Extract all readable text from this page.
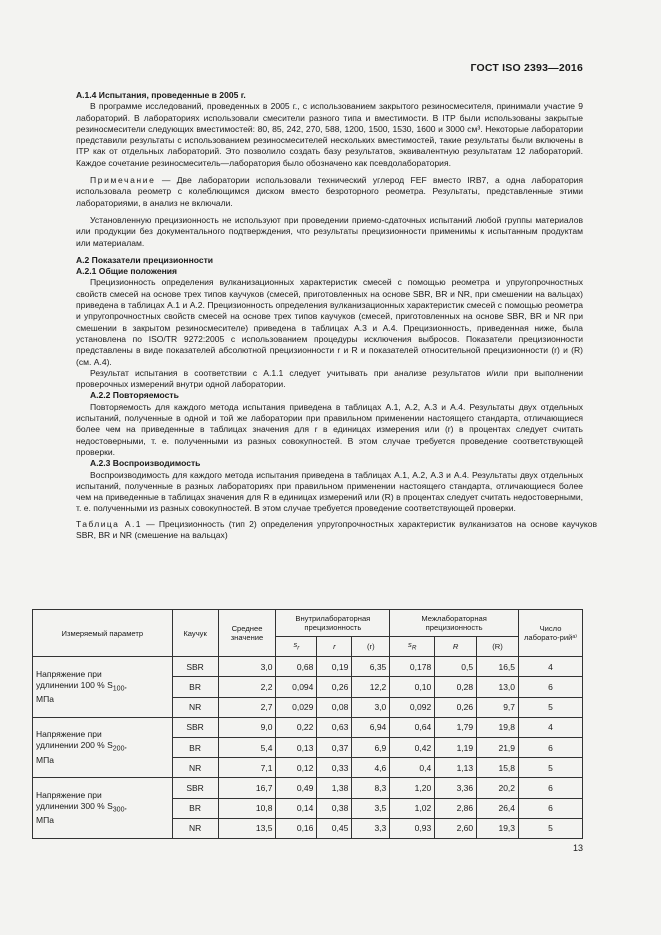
ГОСТ ISO 2393—2016

А.1.4 Испытания, проведенные в 2005 г.

В программе исследований, проведенных в 2005 г., с использованием закрытого резиносмесителя, принимали участие 9 лабораторий. В лабораториях использовали смесители разного типа и вместимости. В ITP были использованы закрытые резиносмесители следующих вместимостей: 80, 85, 242, 270, 588, 1200, 1500, 1530, 1600 и 3000 см³. Некоторые лаборатории представили результаты с использованием резиносмесителей нескольких вместимостей, такие результаты были включены в ITP как от отдельных лабораторий. Это позволило создать базу результатов, эквивалентную результатам 12 лабораторий. Каждое сочетание резиносмеситель—лаборатория было обозначено как псевдолаборатория.

Примечание — Две лаборатории использовали технический углерод FEF вместо IRB7, а одна лаборатория использовала реометр с колеблющимся диском вместо безроторного реометра. Результаты, представленные этими лабораториями, в анализ не включали.

Установленную прецизионность не используют при проведении приемо-сдаточных испытаний любой группы материалов или продукции без документального подтверждения, что результаты прецизионности применимы к испытанным продуктам или материалам.

А.2 Показатели прецизионности

А.2.1 Общие положения

Прецизионность определения вулканизационных характеристик смесей с помощью реометра и упругопрочностных свойств смесей на основе трех типов каучуков (смесей, приготовленных на основе SBR, BR и NR, при смешении на вальцах) приведена в таблицах А.1 и А.2. Прецизионность определения вулканизационных характеристик смесей с помощью реометра и упругопрочностных свойств смесей на основе трех типов каучуков (смесей, приготовленных на основе SBR, BR и NR при смешении в закрытом резиносмесителе) приведена в таблицах А.3 и А.4. Прецизионность, приведенная ниже, была установлена по ISO/TR 9272:2005 с использованием процедуры исключения выбросов. Показатели прецизионности представлены в виде показателей абсолютной прецизионности r и R и показателей относительной прецизионности (r) и (R) (см. А.4).

Результат испытания в соответствии с А.1.1 следует учитывать при анализе результатов и/или при выполнении проверочных измерений внутри одной лаборатории.

А.2.2 Повторяемость

Повторяемость для каждого метода испытания приведена в таблицах А.1, А.2, А.3 и А.4. Результаты двух отдельных испытаний, полученные в одной и той же лаборатории при правильном применении настоящего стандарта, отличающиеся более чем на приведенные в таблицах значения для r в единицах измерения или (r) в процентах следует считать недостоверными, т. е. полученными из разных совокупностей. В этом случае требуется проведение соответствующей проверки.

А.2.3 Воспроизводимость

Воспроизводимость для каждого метода испытания приведена в таблицах А.1, А.2, А.3 и А.4. Результаты двух отдельных испытаний, полученные в разных лабораториях при правильном применении настоящего стандарта, отличающиеся более чем на приведенные в таблицах значения для R в единицах измерений или (R) в процентах следует считать недостоверными, т. е. полученными из разных совокупностей. В этом случае требуется проведение соответствующей проверки.

Таблица А.1 — Прецизионность (тип 2) определения упругопрочностных характеристик вулканизатов на основе каучуков SBR, BR и NR (смешение на вальцах)

Измеряемый параметр	Каучук	Среднее значение	Внутрилабораторная прецизионность			Межлабораторная прецизионность			Число лаборато-рийᵃ⁾
			$s_r$	r	(r)	$s_R$	R	(R)	
Напряжение при
удлинении 100 % $S_{100}$,
МПа	SBR	3,0	0,68	0,19	6,35	0,178	0,5	16,5	4
	BR	2,2	0,094	0,26	12,2	0,10	0,28	13,0	6
	NR	2,7	0,029	0,08	3,0	0,092	0,26	9,7	5
Напряжение при
удлинении 200 % $S_{200}$,
МПа	SBR	9,0	0,22	0,63	6,94	0,64	1,79	19,8	4
	BR	5,4	0,13	0,37	6,9	0,42	1,19	21,9	6
	NR	7,1	0,12	0,33	4,6	0,4	1,13	15,8	5
Напряжение при
удлинении 300 % $S_{300}$,
МПа	SBR	16,7	0,49	1,38	8,3	1,20	3,36	20,2	6
	BR	10,8	0,14	0,38	3,5	1,02	2,86	26,4	6
	NR	13,5	0,16	0,45	3,3	0,93	2,60	19,3	5
13
